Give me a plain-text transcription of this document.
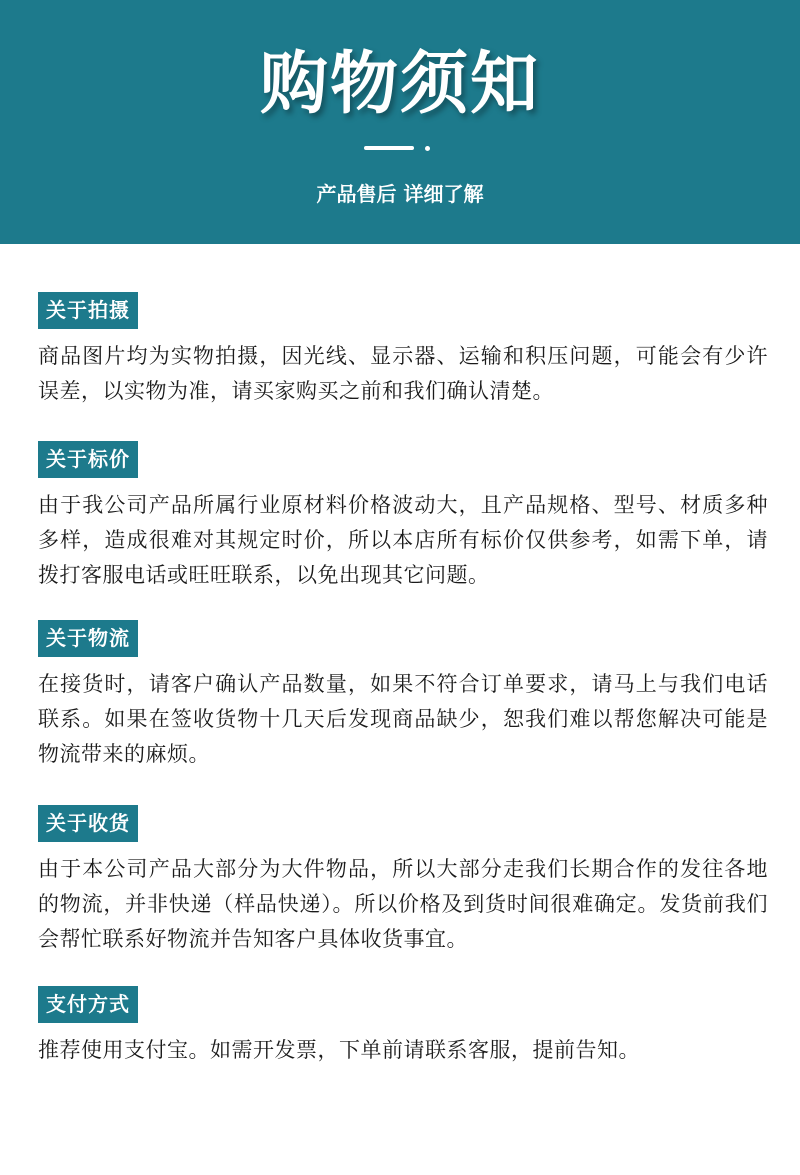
购物须知
产品售后 详细了解
关于拍摄
商品图片均为实物拍摄，因光线、显示器、运输和积压问题，可能会有少许误差，以实物为准，请买家购买之前和我们确认清楚。
关于标价
由于我公司产品所属行业原材料价格波动大，且产品规格、型号、材质多种多样，造成很难对其规定时价，所以本店所有标价仅供参考，如需下单，请拨打客服电话或旺旺联系，以免出现其它问题。
关于物流
在接货时，请客户确认产品数量，如果不符合订单要求，请马上与我们电话联系。如果在签收货物十几天后发现商品缺少，恕我们难以帮您解决可能是物流带来的麻烦。
关于收货
由于本公司产品大部分为大件物品，所以大部分走我们长期合作的发往各地的物流，并非快递（样品快递）。所以价格及到货时间很难确定。发货前我们会帮忙联系好物流并告知客户具体收货事宜。
支付方式
推荐使用支付宝。如需开发票，下单前请联系客服，提前告知。
